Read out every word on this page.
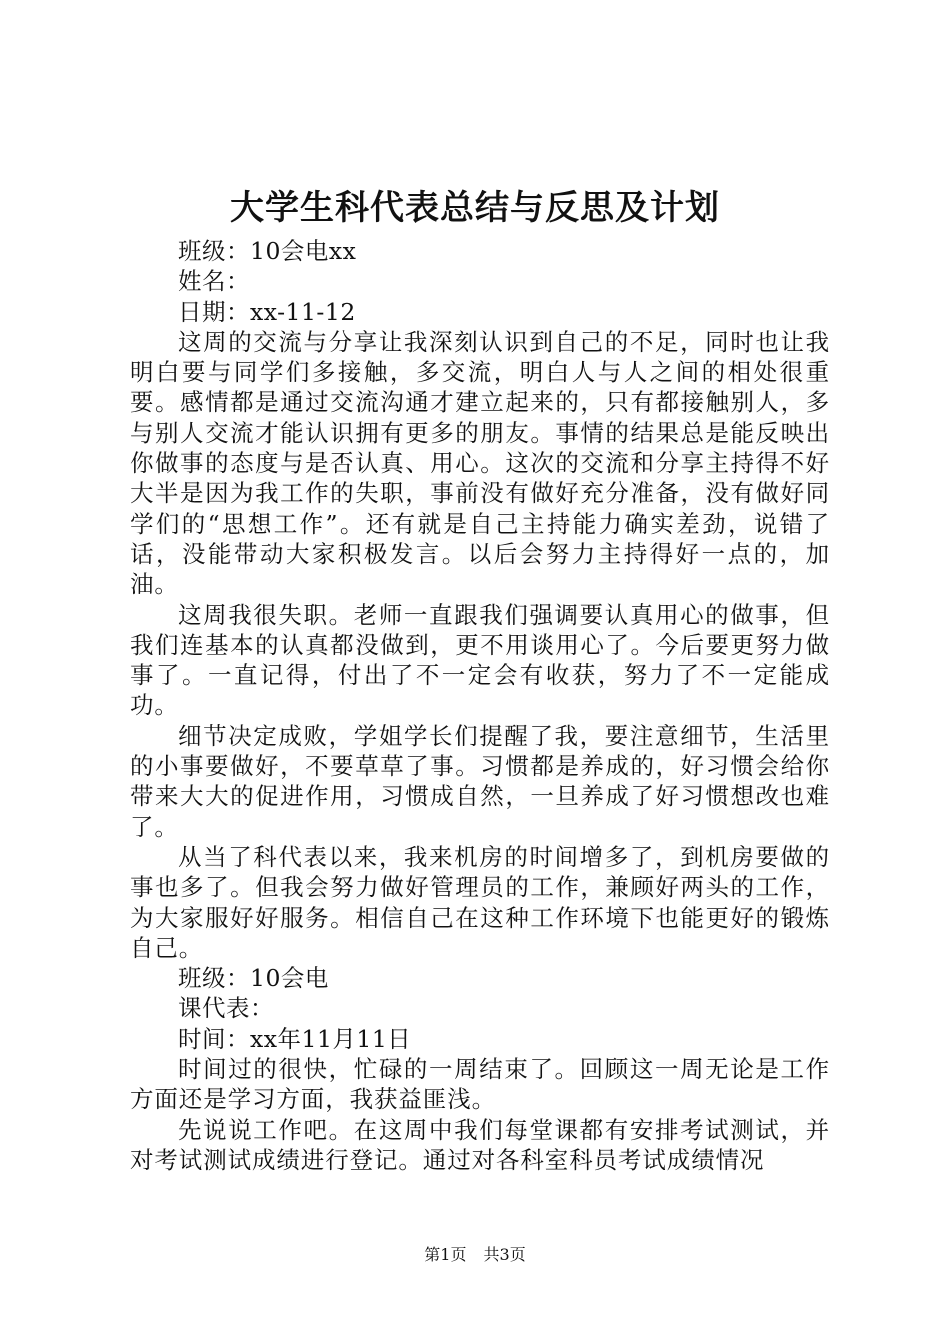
大学生科代表总结与反思及计划

班级：10会电xx

姓名：

日期：xx-11-12

这周的交流与分享让我深刻认识到自己的不足，同时也让我明白要与同学们多接触，多交流，明白人与人之间的相处很重要。感情都是通过交流沟通才建立起来的，只有都接触别人，多与别人交流才能认识拥有更多的朋友。事情的结果总是能反映出你做事的态度与是否认真、用心。这次的交流和分享主持得不好大半是因为我工作的失职，事前没有做好充分准备，没有做好同学们的“思想工作”。还有就是自己主持能力确实差劲，说错了话，没能带动大家积极发言。以后会努力主持得好一点的，加油。

这周我很失职。老师一直跟我们强调要认真用心的做事，但我们连基本的认真都没做到，更不用谈用心了。今后要更努力做事了。一直记得，付出了不一定会有收获，努力了不一定能成功。

细节决定成败，学姐学长们提醒了我，要注意细节，生活里的小事要做好，不要草草了事。习惯都是养成的，好习惯会给你带来大大的促进作用，习惯成自然，一旦养成了好习惯想改也难了。

从当了科代表以来，我来机房的时间增多了，到机房要做的事也多了。但我会努力做好管理员的工作，兼顾好两头的工作，为大家服好好服务。相信自己在这种工作环境下也能更好的锻炼自己。

班级：10会电

课代表：

时间：xx年11月11日

时间过的很快，忙碌的一周结束了。回顾这一周无论是工作方面还是学习方面，我获益匪浅。

先说说工作吧。在这周中我们每堂课都有安排考试测试，并对考试测试成绩进行登记。通过对各科室科员考试成绩情况

第1页 共3页
